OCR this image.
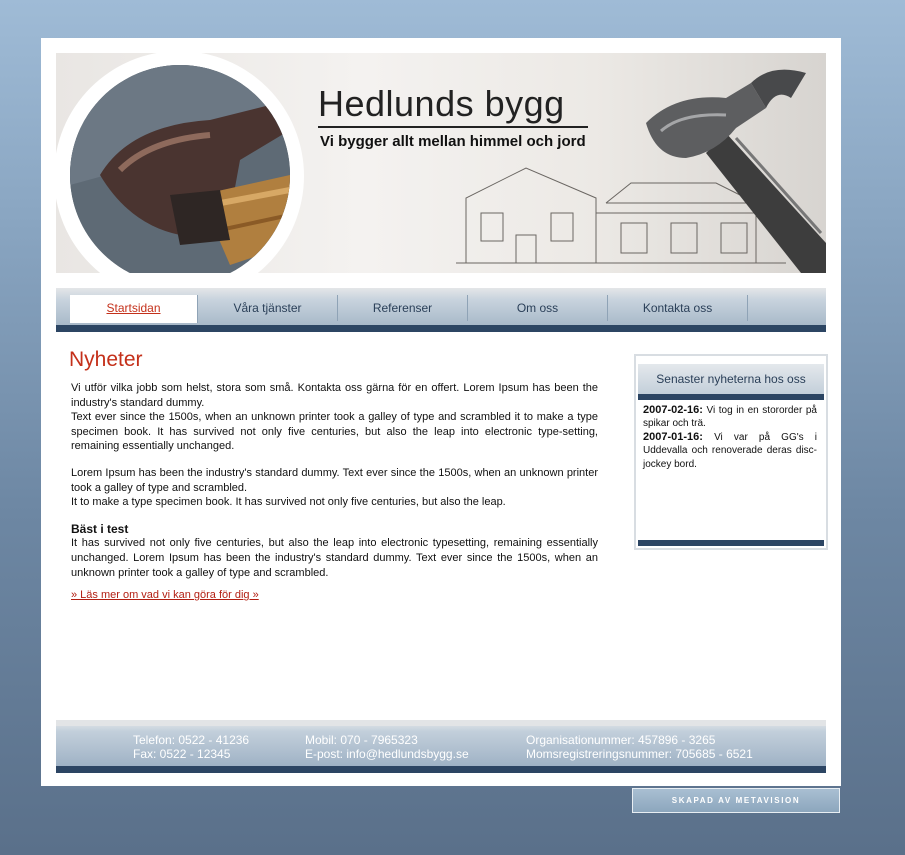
Hedlunds bygg
Vi bygger allt mellan himmel och jord
Startsidan	Våra tjänster	Referenser	Om oss	Kontakta oss
Nyheter

Vi utför vilka jobb som helst, stora som små. Kontakta oss gärna för en offert. Lorem Ipsum has been the industry's standard dummy.

Text ever since the 1500s, when an unknown printer took a galley of type and scrambled it to make a type specimen book. It has survived not only five centuries, but also the leap into electronic type-setting, remaining essentially unchanged.

Lorem Ipsum has been the industry's standard dummy. Text ever since the 1500s, when an unknown printer took a galley of type and scrambled.

It to make a type specimen book. It has survived not only five centuries, but also the leap.

Bäst i test

It has survived not only five centuries, but also the leap into electronic typesetting, remaining essentially unchanged. Lorem Ipsum has been the industry's standard dummy. Text ever since the 1500s, when an unknown printer took a galley of type and scrambled.

» Läs mer om vad vi kan göra för dig »
Senaster nyheterna hos oss
2007-02-16: Vi tog in en stororder på spikar och trä.
2007-01-16: Vi var på GG's i Uddevalla och renoverade deras disc-jockey bord.
Telefon: 0522 - 41236
Fax: 0522 - 12345
Mobil: 070 - 7965323
E-post: info@hedlundsbygg.se
Organisationummer: 457896 - 3265
Momsregistreringsnummer: 705685 - 6521
SKAPAD AV METAVISION
